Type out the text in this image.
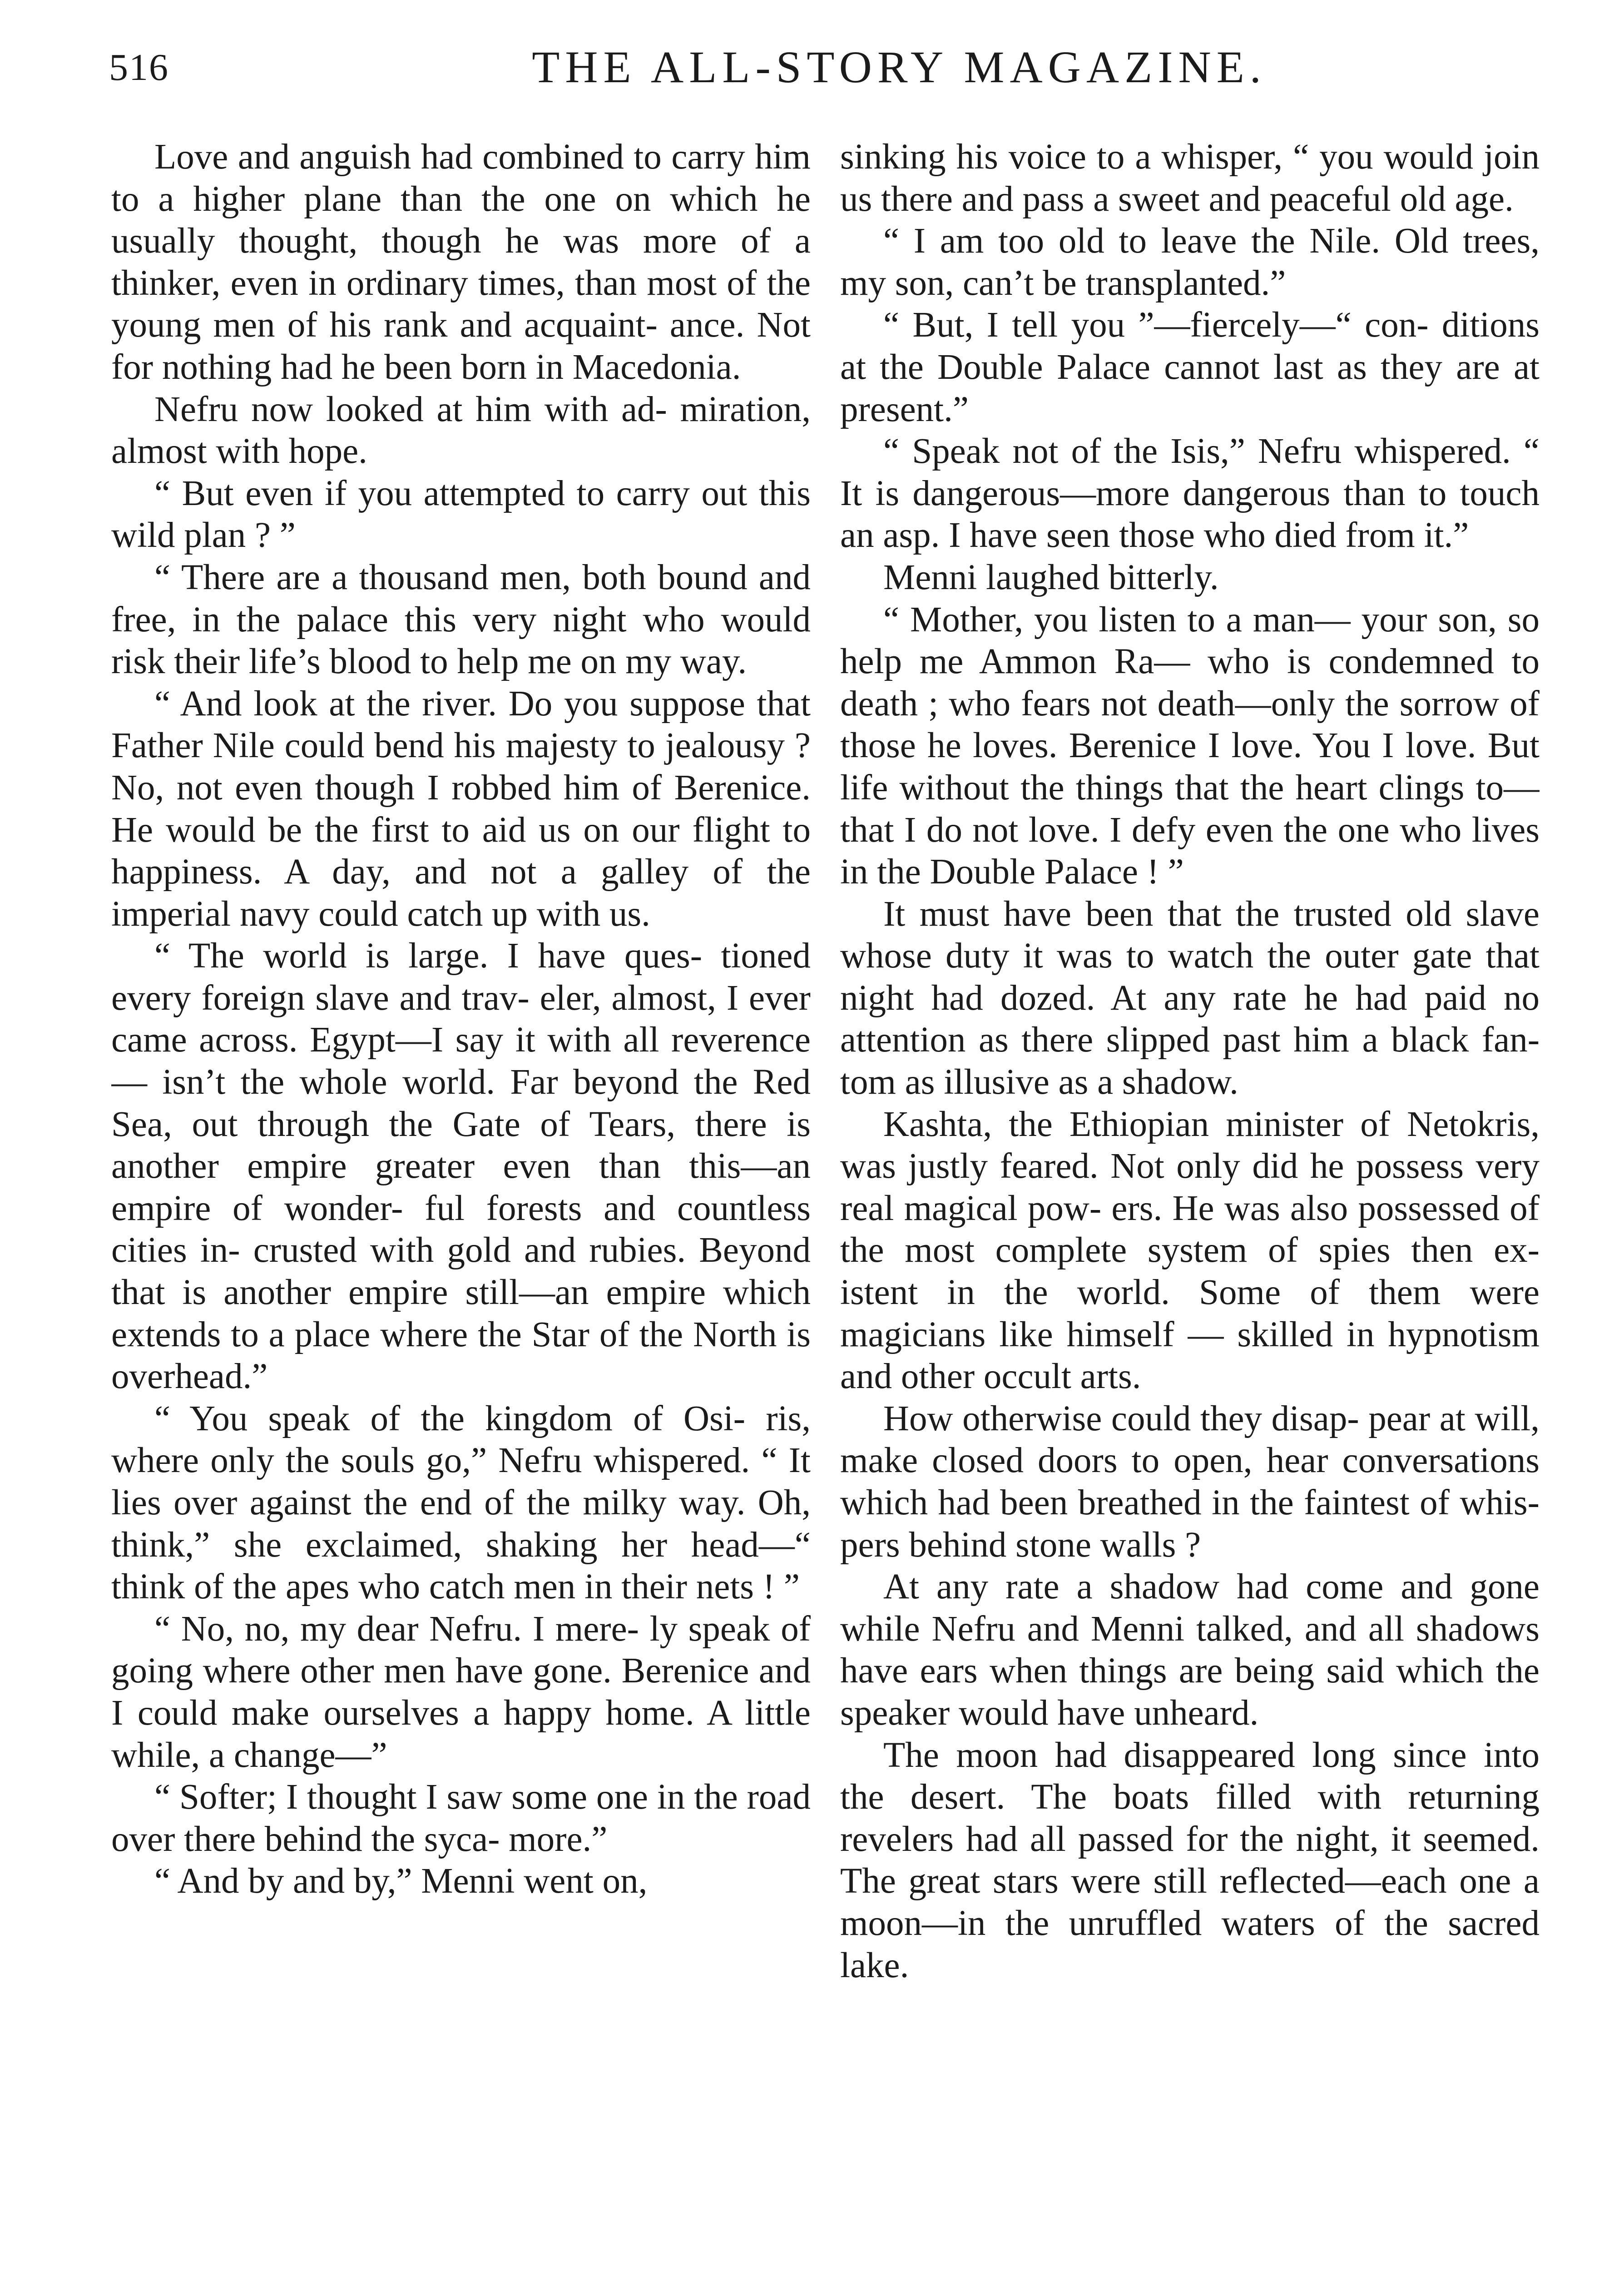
516	THE ALL-STORY MAGAZINE.

Love and anguish had combined to carry him to a higher plane than the one on which he usually thought, though he was more of a thinker, even in ordinary times, than most of the young men of his rank and acquaint- ance. Not for nothing had he been born in Macedonia.

Nefru now looked at him with ad- miration, almost with hope.

“ But even if you attempted to carry out this wild plan ? ”

“ There are a thousand men, both bound and free, in the palace this very night who would risk their life’s blood to help me on my way.

“ And look at the river. Do you suppose that Father Nile could bend his majesty to jealousy ? No, not even though I robbed him of Berenice. He would be the first to aid us on our flight to happiness. A day, and not a galley of the imperial navy could catch up with us.

“ The world is large. I have ques- tioned every foreign slave and trav- eler, almost, I ever came across. Egypt—I say it with all reverence— isn’t the whole world. Far beyond the Red Sea, out through the Gate of Tears, there is another empire greater even than this—an empire of wonder- ful forests and countless cities in- crusted with gold and rubies. Beyond that is another empire still—an empire which extends to a place where the Star of the North is overhead.”

“ You speak of the kingdom of Osi- ris, where only the souls go,” Nefru whispered. “ It lies over against the end of the milky way. Oh, think,” she exclaimed, shaking her head—“ think of the apes who catch men in their nets ! ”

“ No, no, my dear Nefru. I mere- ly speak of going where other men have gone. Berenice and I could make ourselves a happy home. A little while, a change—”

“ Softer; I thought I saw some one in the road over there behind the syca- more.”

“ And by and by,” Menni went on,

sinking his voice to a whisper, “ you would join us there and pass a sweet and peaceful old age.

“ I am too old to leave the Nile. Old trees, my son, can’t be transplanted.”

“ But, I tell you ”—fiercely—“ con- ditions at the Double Palace cannot last as they are at present.”

“ Speak not of the Isis,” Nefru whispered. “ It is dangerous—more dangerous than to touch an asp. I have seen those who died from it.”

Menni laughed bitterly.

“ Mother, you listen to a man— your son, so help me Ammon Ra— who is condemned to death ; who fears not death—only the sorrow of those he loves. Berenice I love. You I love. But life without the things that the heart clings to—that I do not love. I defy even the one who lives in the Double Palace ! ”

It must have been that the trusted old slave whose duty it was to watch the outer gate that night had dozed. At any rate he had paid no attention as there slipped past him a black fan- tom as illusive as a shadow.

Kashta, the Ethiopian minister of Netokris, was justly feared. Not only did he possess very real magical pow- ers. He was also possessed of the most complete system of spies then ex- istent in the world. Some of them were magicians like himself — skilled in hypnotism and other occult arts.

How otherwise could they disap- pear at will, make closed doors to open, hear conversations which had been breathed in the faintest of whis- pers behind stone walls ?

At any rate a shadow had come and gone while Nefru and Menni talked, and all shadows have ears when things are being said which the speaker would have unheard.

The moon had disappeared long since into the desert. The boats filled with returning revelers had all passed for the night, it seemed. The great stars were still reflected—each one a moon—in the unruffled waters of the sacred lake.
